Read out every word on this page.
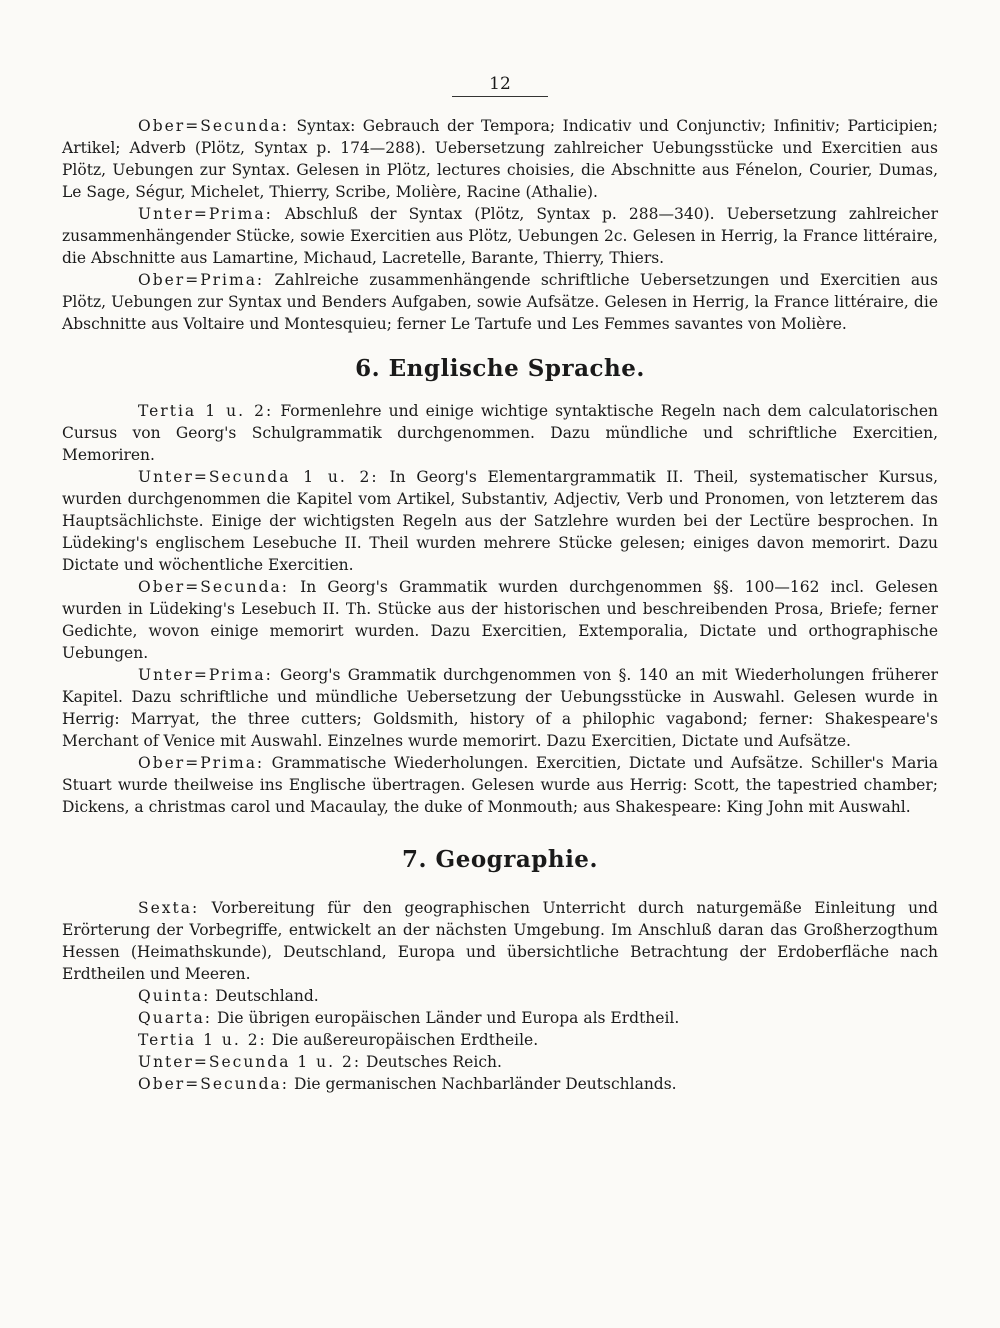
12

Ober=Secunda: Syntax: Gebrauch der Tempora; Indicativ und Conjunctiv; Infinitiv; Participien; Artikel; Adverb (Plötz, Syntax p. 174—288). Uebersetzung zahlreicher Uebungsstücke und Exercitien aus Plötz, Uebungen zur Syntax. Gelesen in Plötz, lectures choisies, die Abschnitte aus Fénelon, Courier, Dumas, Le Sage, Ségur, Michelet, Thierry, Scribe, Molière, Racine (Athalie).

Unter=Prima: Abschluß der Syntax (Plötz, Syntax p. 288—340). Uebersetzung zahlreicher zusammenhängender Stücke, sowie Exercitien aus Plötz, Uebungen 2c. Gelesen in Herrig, la France littéraire, die Abschnitte aus Lamartine, Michaud, Lacretelle, Barante, Thierry, Thiers.

Ober=Prima: Zahlreiche zusammenhängende schriftliche Uebersetzungen und Exercitien aus Plötz, Uebungen zur Syntax und Benders Aufgaben, sowie Aufsätze. Gelesen in Herrig, la France littéraire, die Abschnitte aus Voltaire und Montesquieu; ferner Le Tartufe und Les Femmes savantes von Molière.

6. Englische Sprache.

Tertia 1 u. 2: Formenlehre und einige wichtige syntaktische Regeln nach dem calculatorischen Cursus von Georg's Schulgrammatik durchgenommen. Dazu mündliche und schriftliche Exercitien, Memoriren.

Unter=Secunda 1 u. 2: In Georg's Elementargrammatik II. Theil, systematischer Kursus, wurden durchgenommen die Kapitel vom Artikel, Substantiv, Adjectiv, Verb und Pronomen, von letzterem das Hauptsächlichste. Einige der wichtigsten Regeln aus der Satzlehre wurden bei der Lectüre besprochen. In Lüdeking's englischem Lesebuche II. Theil wurden mehrere Stücke gelesen; einiges davon memorirt. Dazu Dictate und wöchentliche Exercitien.

Ober=Secunda: In Georg's Grammatik wurden durchgenommen §§. 100—162 incl. Gelesen wurden in Lüdeking's Lesebuch II. Th. Stücke aus der historischen und beschreibenden Prosa, Briefe; ferner Gedichte, wovon einige memorirt wurden. Dazu Exercitien, Extemporalia, Dictate und orthographische Uebungen.

Unter=Prima: Georg's Grammatik durchgenommen von §. 140 an mit Wiederholungen früherer Kapitel. Dazu schriftliche und mündliche Uebersetzung der Uebungsstücke in Auswahl. Gelesen wurde in Herrig: Marryat, the three cutters; Goldsmith, history of a philophic vagabond; ferner: Shakespeare's Merchant of Venice mit Auswahl. Einzelnes wurde memorirt. Dazu Exercitien, Dictate und Aufsätze.

Ober=Prima: Grammatische Wiederholungen. Exercitien, Dictate und Aufsätze. Schiller's Maria Stuart wurde theilweise ins Englische übertragen. Gelesen wurde aus Herrig: Scott, the tapestried chamber; Dickens, a christmas carol und Macaulay, the duke of Monmouth; aus Shakespeare: King John mit Auswahl.

7. Geographie.

Sexta: Vorbereitung für den geographischen Unterricht durch naturgemäße Einleitung und Erörterung der Vorbegriffe, entwickelt an der nächsten Umgebung. Im Anschluß daran das Großherzogthum Hessen (Heimathskunde), Deutschland, Europa und übersichtliche Betrachtung der Erdoberfläche nach Erdtheilen und Meeren.

Quinta: Deutschland.
Quarta: Die übrigen europäischen Länder und Europa als Erdtheil.
Tertia 1 u. 2: Die außereuropäischen Erdtheile.
Unter=Secunda 1 u. 2: Deutsches Reich.
Ober=Secunda: Die germanischen Nachbarländer Deutschlands.
